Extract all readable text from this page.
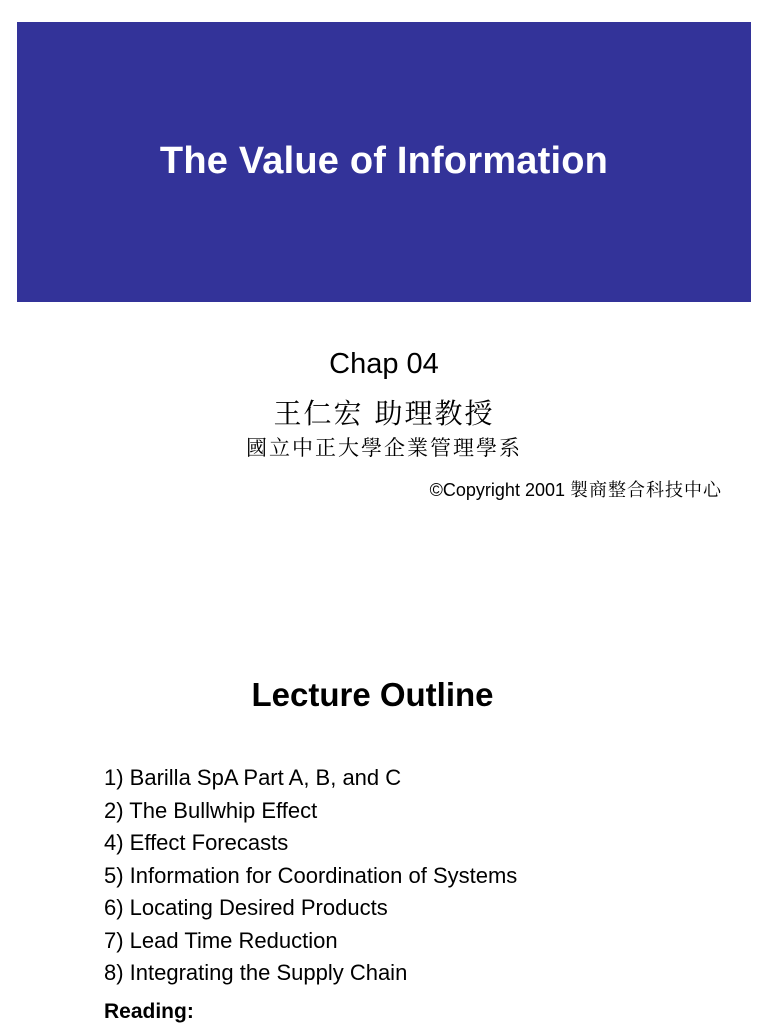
The Value of Information
Chap 04
王仁宏 助理教授
國立中正大學企業管理學系
©Copyright 2001 製商整合科技中心
Lecture Outline
1) Barilla SpA Part A, B, and C
2) The Bullwhip Effect
4) Effect Forecasts
5) Information for Coordination of Systems
6) Locating Desired Products
7) Lead Time Reduction
8) Integrating the Supply Chain
Reading:
